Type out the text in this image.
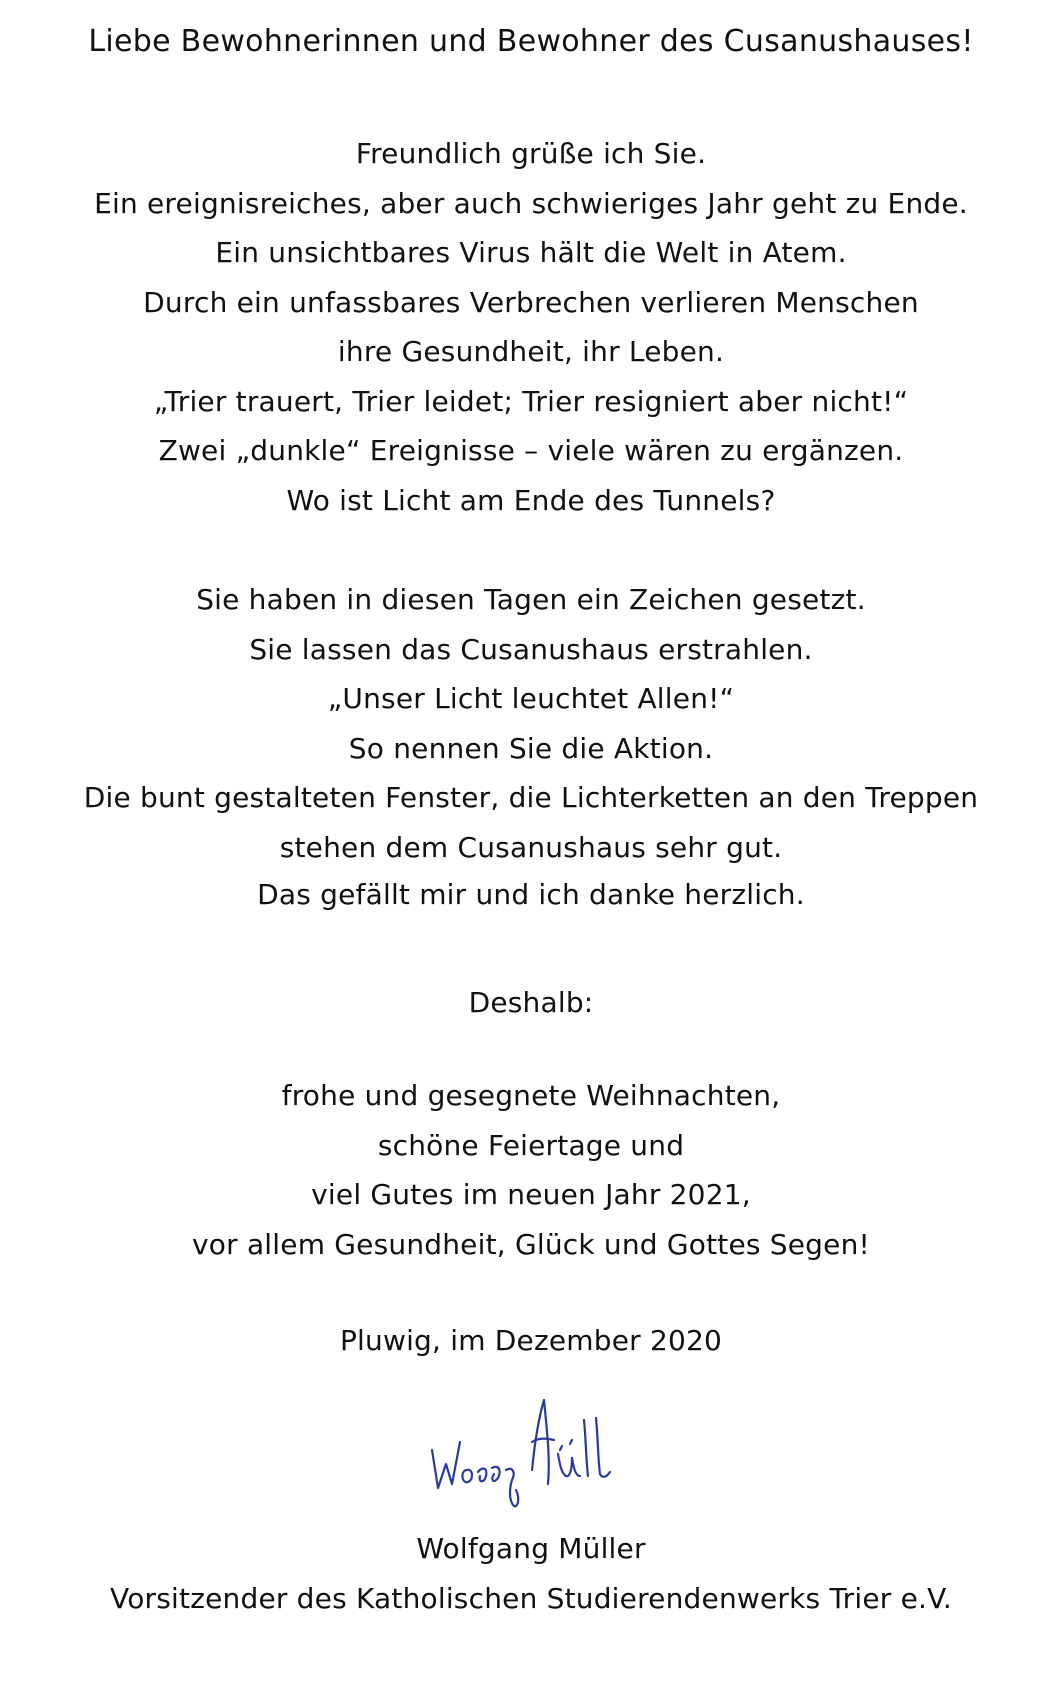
Liebe Bewohnerinnen und Bewohner des Cusanushauses!
Freundlich grüße ich Sie.
Ein ereignisreiches, aber auch schwieriges Jahr geht zu Ende.
Ein unsichtbares Virus hält die Welt in Atem.
Durch ein unfassbares Verbrechen verlieren Menschen
ihre Gesundheit, ihr Leben.
„Trier trauert, Trier leidet; Trier resigniert aber nicht!“
Zwei „dunkle“ Ereignisse – viele wären zu ergänzen.
Wo ist Licht am Ende des Tunnels?
Sie haben in diesen Tagen ein Zeichen gesetzt.
Sie lassen das Cusanushaus erstrahlen.
„Unser Licht leuchtet Allen!“
So nennen Sie die Aktion.
Die bunt gestalteten Fenster, die Lichterketten an den Treppen
stehen dem Cusanushaus sehr gut.
Das gefällt mir und ich danke herzlich.
Deshalb:
frohe und gesegnete Weihnachten,
schöne Feiertage und
viel Gutes im neuen Jahr 2021,
vor allem Gesundheit, Glück und Gottes Segen!
Pluwig, im Dezember 2020
Wolfgang Müller
Vorsitzender des Katholischen Studierendenwerks Trier e.V.
